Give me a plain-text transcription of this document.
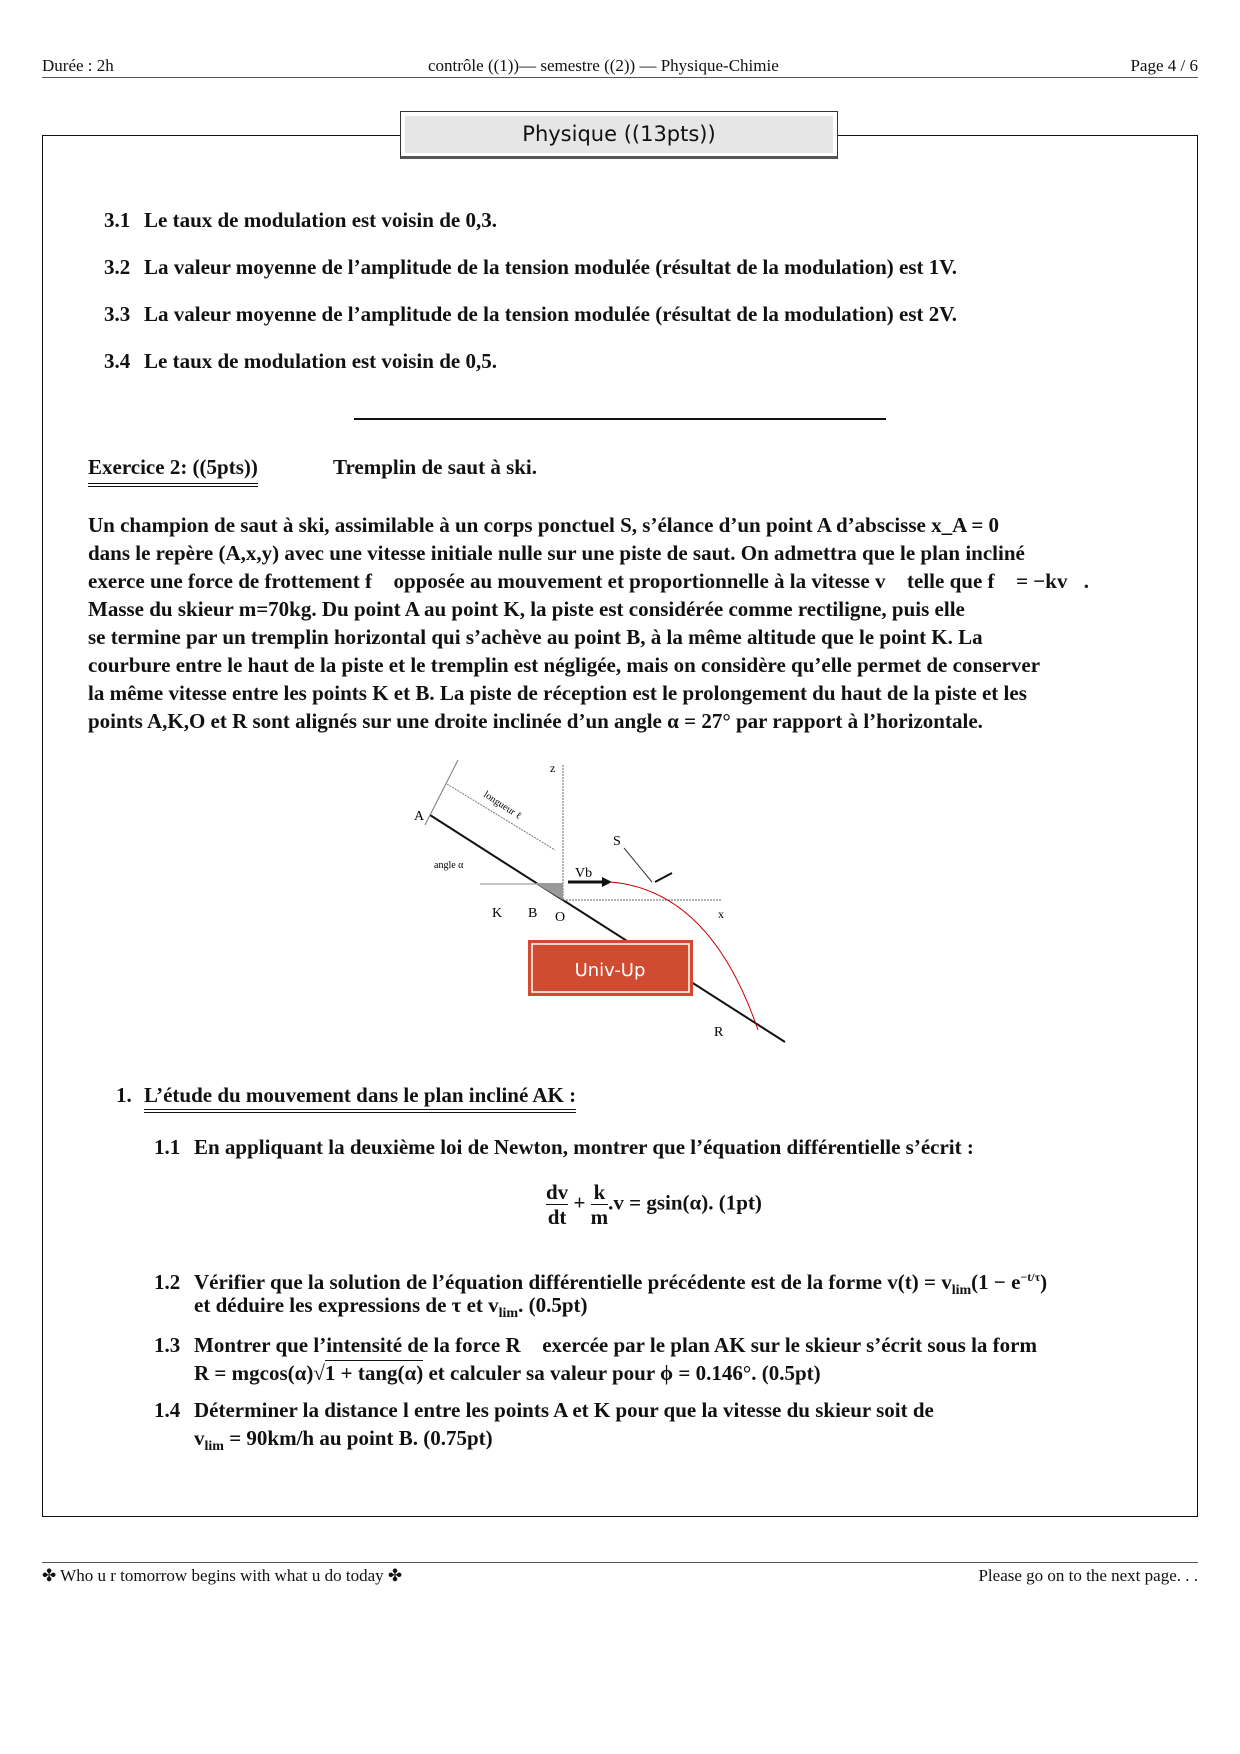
Durée : 2h	contrôle ((1))— semestre ((2)) — Physique-Chimie	Page 4 / 6
Physique ((13pts))
3.1 Le taux de modulation est voisin de 0,3.
3.2 La valeur moyenne de l’amplitude de la tension modulée (résultat de la modulation) est 1V.
3.3 La valeur moyenne de l’amplitude de la tension modulée (résultat de la modulation) est 2V.
3.4 Le taux de modulation est voisin de 0,5.
Exercice 2: ((5pts))	Tremplin de saut à ski.
Un champion de saut à ski, assimilable à un corps ponctuel S, s’élance d’un point A d’abscisse x_A = 0
dans le repère (A,x,y) avec une vitesse initiale nulle sur une piste de saut. On admettra que le plan incliné
exerce une force de frottement f⃗ opposée au mouvement et proportionnelle à la vitesse v⃗ telle que f⃗ = −kv⃗.
Masse du skieur m=70kg. Du point A au point K, la piste est considérée comme rectiligne, puis elle
se termine par un tremplin horizontal qui s’achève au point B, à la même altitude que le point K. La
courbure entre le haut de la piste et le tremplin est négligée, mais on considère qu’elle permet de conserver
la même vitesse entre les points K et B. La piste de réception est le prolongement du haut de la piste et les
points A,K,O et R sont alignés sur une droite inclinée d’un angle α = 27° par rapport à l’horizontale.
A
z
longueur ℓ
angle α
K B O
S
Vb
x
R
Univ-Up
1. L’étude du mouvement dans le plan incliné AK :
1.1 En appliquant la deuxième loi de Newton, montrer que l’équation différentielle s’écrit :
$\frac{dv}{dt} + \frac{k}{m} .v = gsin(\alpha)$. (1pt)
1.2 Vérifier que la solution de l’équation différentielle précédente est de la forme $v(t) = v_{lim}(1 - e^{-t/\tau})$
et déduire les expressions de τ et $v_{lim}$. (0.5pt)
1.3 Montrer que l’intensité de la force R⃗ exercée par le plan AK sur le skieur s’écrit sous la form
R = mgcos(α)√1 + tang(α) et calculer sa valeur pour ϕ = 0.146°. (0.5pt)
1.4 Déterminer la distance l entre les points A et K pour que la vitesse du skieur soit de
$v_{lim} = 90km/h$ au point B. (0.75pt)
✤ Who u r tomorrow begins with what u do today ✤	Please go on to the next page. . .
